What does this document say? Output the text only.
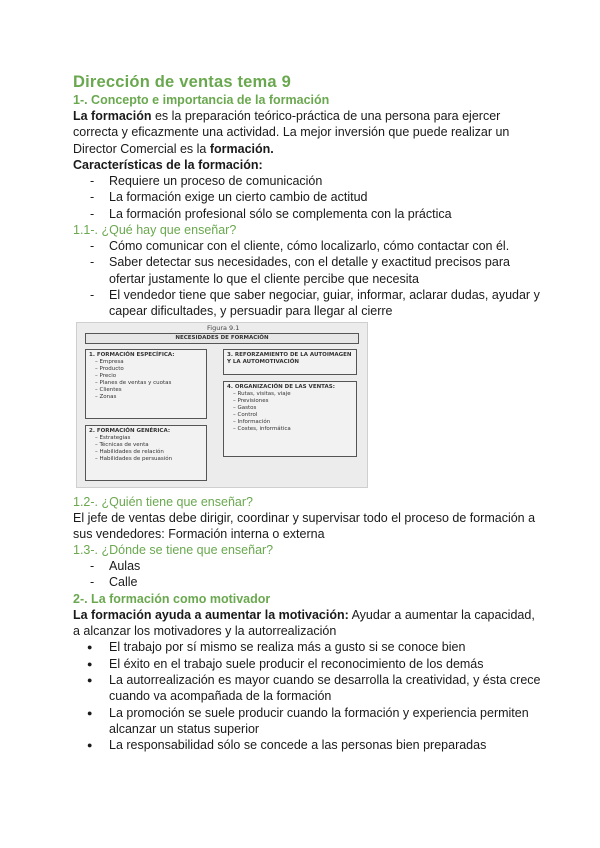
Dirección de ventas tema 9
1-. Concepto e importancia de la formación

La formación es la preparación teórico-práctica de una persona para ejercer correcta y eficazmente una actividad. La mejor inversión que puede realizar un Director Comercial es la formación.

Características de la formación:

- Requiere un proceso de comunicación
- La formación exige un cierto cambio de actitud
- La formación profesional sólo se complementa con la práctica
1.1-. ¿Qué hay que enseñar?
- Cómo comunicar con el cliente, cómo localizarlo, cómo contactar con él.
- Saber detectar sus necesidades, con el detalle y exactitud precisos para ofertar justamente lo que el cliente percibe que necesita
- El vendedor tiene que saber negociar, guiar, informar, aclarar dudas, ayudar y capear dificultades, y persuadir para llegar al cierre
Figura 9.1
NECESIDADES DE FORMACIÓN
1. FORMACIÓN ESPECÍFICA:
– Empresa
– Producto
– Precio
– Planes de ventas y cuotas
– Clientes
– Zonas
2. FORMACIÓN GENÉRICA:
– Estrategias
– Técnicas de venta
– Habilidades de relación
– Habilidades de persuasión
3. REFORZAMIENTO DE LA AUTOIMAGEN Y LA AUTOMOTIVACIÓN
4. ORGANIZACIÓN DE LAS VENTAS:
– Rutas, visitas, viaje
– Previsiones
– Gastos
– Control
– Información
– Costes, informática
1.2-. ¿Quién tiene que enseñar?

El jefe de ventas debe dirigir, coordinar y supervisar todo el proceso de formación a sus vendedores: Formación interna o externa

1.3-. ¿Dónde se tiene que enseñar?
- Aulas
- Calle
2-. La formación como motivador

La formación ayuda a aumentar la motivación: Ayudar a aumentar la capacidad, a alcanzar los motivadores y la autorrealización

● El trabajo por sí mismo se realiza más a gusto si se conoce bien
● El éxito en el trabajo suele producir el reconocimiento de los demás
● La autorrealización es mayor cuando se desarrolla la creatividad, y ésta crece cuando va acompañada de la formación
● La promoción se suele producir cuando la formación y experiencia permiten alcanzar un status superior
● La responsabilidad sólo se concede a las personas bien preparadas
